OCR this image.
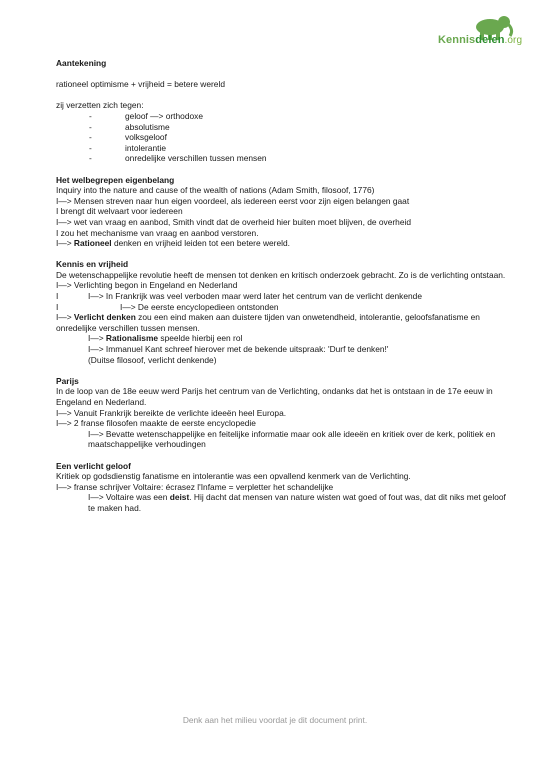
Kennisdelen.org
Aantekening
rationeel optimisme + vrijheid = betere wereld
zij verzetten zich tegen:
-	geloof —> orthodoxe
-	absolutisme
-	volksgeloof
-	intolerantie
-	onredelijke verschillen tussen mensen
Het welbegrepen eigenbelang
Inquiry into the nature and cause of the wealth of nations (Adam Smith, filosoof, 1776)
I—> Mensen streven naar hun eigen voordeel, als iedereen eerst voor zijn eigen belangen gaat
I brengt dit welvaart voor iedereen
I—> wet van vraag en aanbod, Smith vindt dat de overheid hier buiten moet blijven, de overheid
I zou het mechanisme van vraag en aanbod verstoren.
I—> Rationeel denken en vrijheid leiden tot een betere wereld.
Kennis en vrijheid
De wetenschappelijke revolutie heeft de mensen tot denken en kritisch onderzoek gebracht. Zo is de verlichting ontstaan.
I—> Verlichting begon in Engeland en Nederland
I	I—> In Frankrijk was veel verboden maar werd later het centrum van de verlicht denkende
I	I—> De eerste encyclopedieen ontstonden
I—> Verlicht denken zou een eind maken aan duistere tijden van onwetendheid, intolerantie, geloofsfanatisme en onredelijke verschillen tussen mensen.
I—> Rationalisme speelde hierbij een rol
I—> Immanuel Kant schreef hierover met de bekende uitspraak: 'Durf te denken!'
(Duitse filosoof, verlicht denkende)
Parijs
In de loop van de 18e eeuw werd Parijs het centrum van de Verlichting, ondanks dat het is ontstaan in de 17e eeuw in Engeland en Nederland.
I—> Vanuit Frankrijk bereikte de verlichte ideeën heel Europa.
I—> 2 franse filosofen maakte de eerste encyclopedie
I—> Bevatte wetenschappelijke en feitelijke informatie maar ook alle ideeën en kritiek over de kerk, politiek en maatschappelijke verhoudingen
Een verlicht geloof
Kritiek op godsdienstig fanatisme en intolerantie was een opvallend kenmerk van de Verlichting.
I—> franse schrijver Voltaire: écrasez l'Infame = verpletter het schandelijke
I—> Voltaire was een deist. Hij dacht dat mensen van nature wisten wat goed of fout was, dat dit niks met geloof te maken had.
Denk aan het milieu voordat je dit document print.
